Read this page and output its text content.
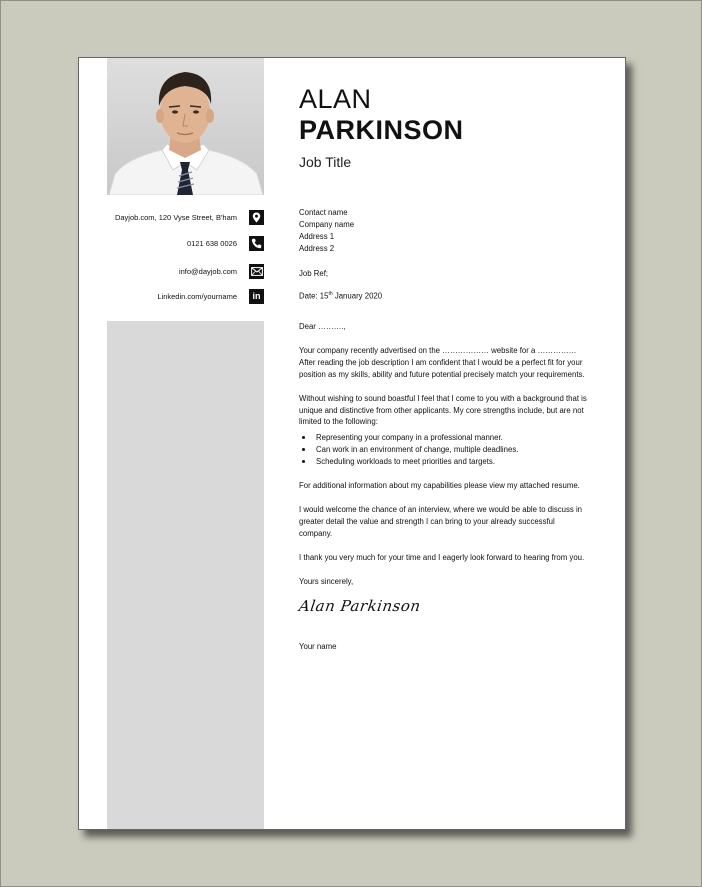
Dayjob.com, 120 Vyse Street, B'ham
0121 638 0026
info@dayjob.com
Linkedin.com/yourname in
ALAN
PARKINSON
Job Title

Contact name
Company name
Address 1
Address 2

Job Ref;

Date: 15th January 2020

Dear ……….,

Your company recently advertised on the ……………… website for a …………… After reading the job description I am confident that I would be a perfect fit for your position as my skills, ability and future potential precisely match your requirements.

Without wishing to sound boastful I feel that I come to you with a background that is unique and distinctive from other applicants. My core strengths include, but are not limited to the following:

Representing your company in a professional manner.
Can work in an environment of change, multiple deadlines.
Scheduling workloads to meet priorities and targets.

For additional information about my capabilities please view my attached resume.

I would welcome the chance of an interview, where we would be able to discuss in greater detail the value and strength I can bring to your already successful company.

I thank you very much for your time and I eagerly look forward to hearing from you.

Yours sincerely,

Alan Parkinson

Your name
